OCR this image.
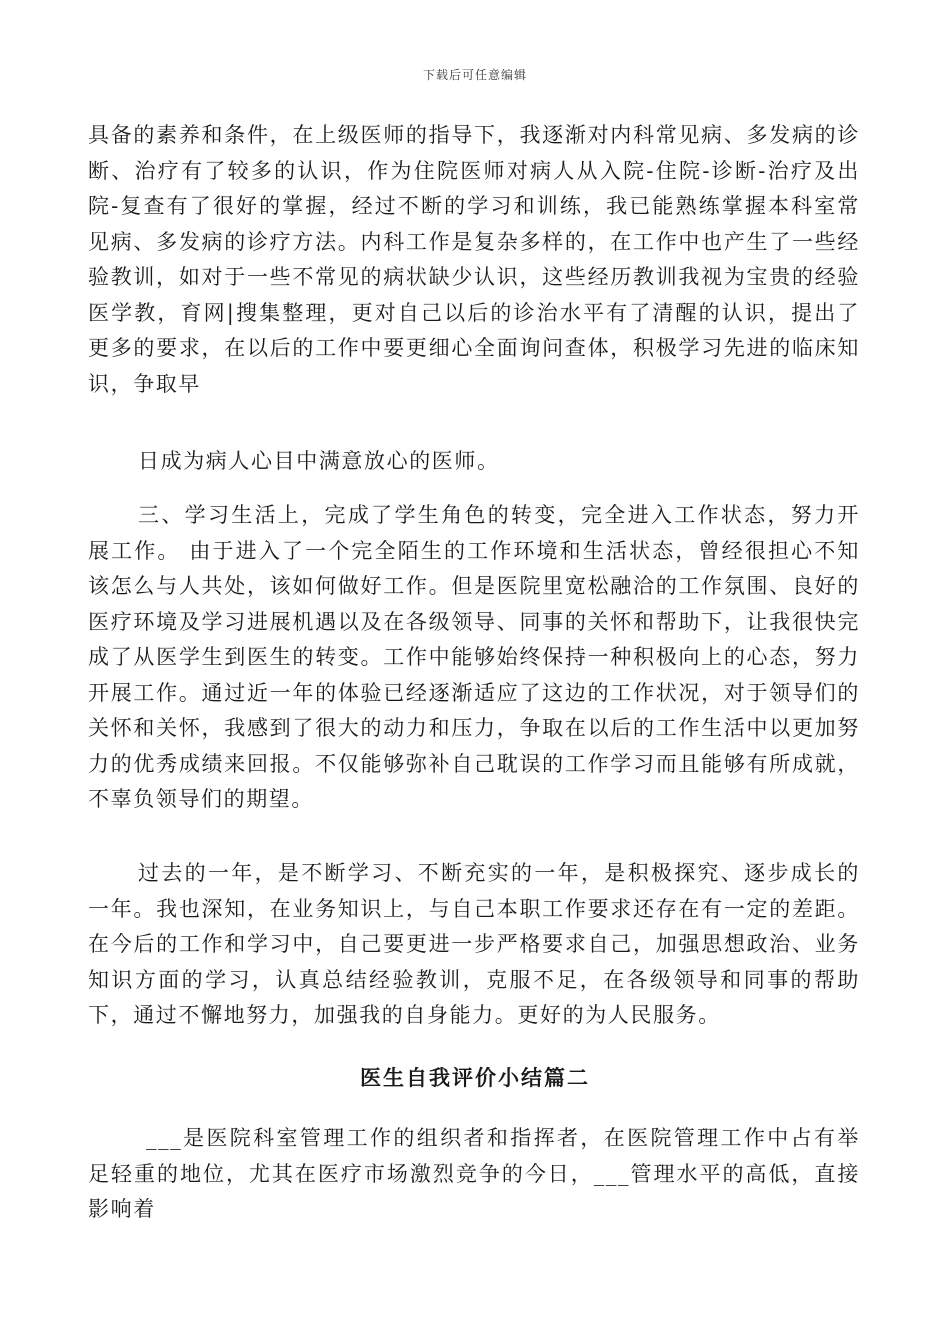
下载后可任意编辑

具备的素养和条件，在上级医师的指导下，我逐渐对内科常见病、多发病的诊断、治疗有了较多的认识，作为住院医师对病人从入院-住院-诊断-治疗及出院-复查有了很好的掌握，经过不断的学习和训练，我已能熟练掌握本科室常见病、多发病的诊疗方法。内科工作是复杂多样的，在工作中也产生了一些经验教训，如对于一些不常见的病状缺少认识，这些经历教训我视为宝贵的经验医学教，育网|搜集整理，更对自己以后的诊治水平有了清醒的认识，提出了更多的要求，在以后的工作中要更细心全面询问查体，积极学习先进的临床知识，争取早

日成为病人心目中满意放心的医师。

三、学习生活上，完成了学生角色的转变，完全进入工作状态，努力开展工作。 由于进入了一个完全陌生的工作环境和生活状态，曾经很担心不知该怎么与人共处，该如何做好工作。但是医院里宽松融洽的工作氛围、良好的医疗环境及学习进展机遇以及在各级领导、同事的关怀和帮助下，让我很快完成了从医学生到医生的转变。工作中能够始终保持一种积极向上的心态，努力开展工作。通过近一年的体验已经逐渐适应了这边的工作状况，对于领导们的关怀和关怀，我感到了很大的动力和压力，争取在以后的工作生活中以更加努力的优秀成绩来回报。不仅能够弥补自己耽误的工作学习而且能够有所成就，不辜负领导们的期望。

过去的一年，是不断学习、不断充实的一年，是积极探究、逐步成长的一年。我也深知，在业务知识上，与自己本职工作要求还存在有一定的差距。在今后的工作和学习中，自己要更进一步严格要求自己，加强思想政治、业务知识方面的学习，认真总结经验教训，克服不足，在各级领导和同事的帮助下，通过不懈地努力，加强我的自身能力。更好的为人民服务。

医生自我评价小结篇二

___是医院科室管理工作的组织者和指挥者，在医院管理工作中占有举足轻重的地位，尤其在医疗市场激烈竞争的今日，___管理水平的高低，直接影响着
